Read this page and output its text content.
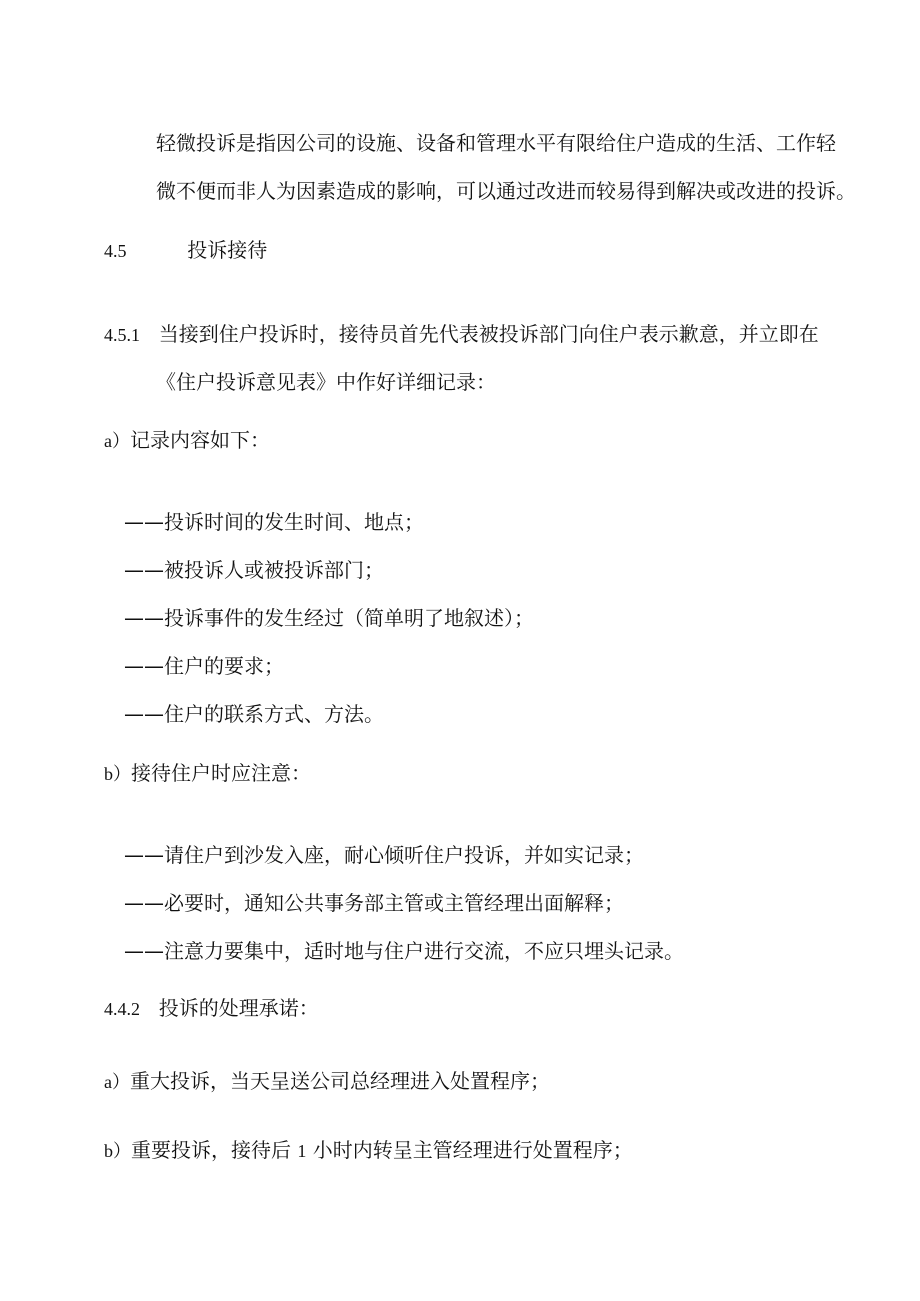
轻微投诉是指因公司的设施、设备和管理水平有限给住户造成的生活、工作轻
微不便而非人为因素造成的影响，可以通过改进而较易得到解决或改进的投诉。
4.5	投诉接待
4.5.1 当接到住户投诉时，接待员首先代表被投诉部门向住户表示歉意，并立即在
《住户投诉意见表》中作好详细记录：
a）记录内容如下：
——投诉时间的发生时间、地点；
——被投诉人或被投诉部门；
——投诉事件的发生经过（简单明了地叙述）；
——住户的要求；
——住户的联系方式、方法。
b）接待住户时应注意：
——请住户到沙发入座，耐心倾听住户投诉，并如实记录；
——必要时，通知公共事务部主管或主管经理出面解释；
——注意力要集中，适时地与住户进行交流，不应只埋头记录。
4.4.2 投诉的处理承诺：
a）重大投诉，当天呈送公司总经理进入处置程序；
b）重要投诉，接待后 1 小时内转呈主管经理进行处置程序；
